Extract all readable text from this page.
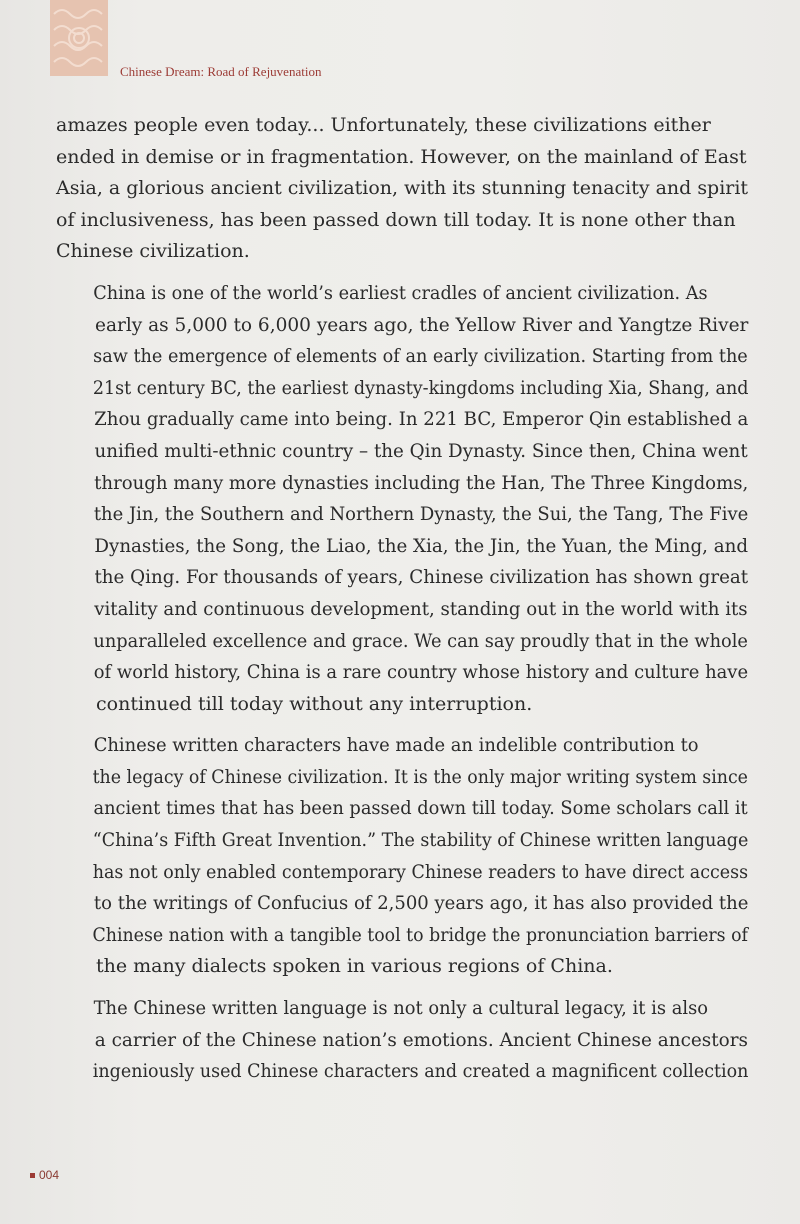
Chinese Dream: Road of Rejuvenation

amazes people even today... Unfortunately, these civilizations either
ended in demise or in fragmentation. However, on the mainland of East
Asia, a glorious ancient civilization, with its stunning tenacity and spirit
of inclusiveness, has been passed down till today. It is none other than
Chinese civilization.

China is one of the world’s earliest cradles of ancient civilization. As
early as 5,000 to 6,000 years ago, the Yellow River and Yangtze River
saw the emergence of elements of an early civilization. Starting from the
21st century BC, the earliest dynasty-kingdoms including Xia, Shang, and
Zhou gradually came into being. In 221 BC, Emperor Qin established a
unified multi-ethnic country – the Qin Dynasty. Since then, China went
through many more dynasties including the Han, The Three Kingdoms,
the Jin, the Southern and Northern Dynasty, the Sui, the Tang, The Five
Dynasties, the Song, the Liao, the Xia, the Jin, the Yuan, the Ming, and
the Qing. For thousands of years, Chinese civilization has shown great
vitality and continuous development, standing out in the world with its
unparalleled excellence and grace. We can say proudly that in the whole
of world history, China is a rare country whose history and culture have
continued till today without any interruption.

Chinese written characters have made an indelible contribution to
the legacy of Chinese civilization. It is the only major writing system since
ancient times that has been passed down till today. Some scholars call it
“China’s Fifth Great Invention.” The stability of Chinese written language
has not only enabled contemporary Chinese readers to have direct access
to the writings of Confucius of 2,500 years ago, it has also provided the
Chinese nation with a tangible tool to bridge the pronunciation barriers of
the many dialects spoken in various regions of China.

The Chinese written language is not only a cultural legacy, it is also
a carrier of the Chinese nation’s emotions. Ancient Chinese ancestors
ingeniously used Chinese characters and created a magnificent collection

004
